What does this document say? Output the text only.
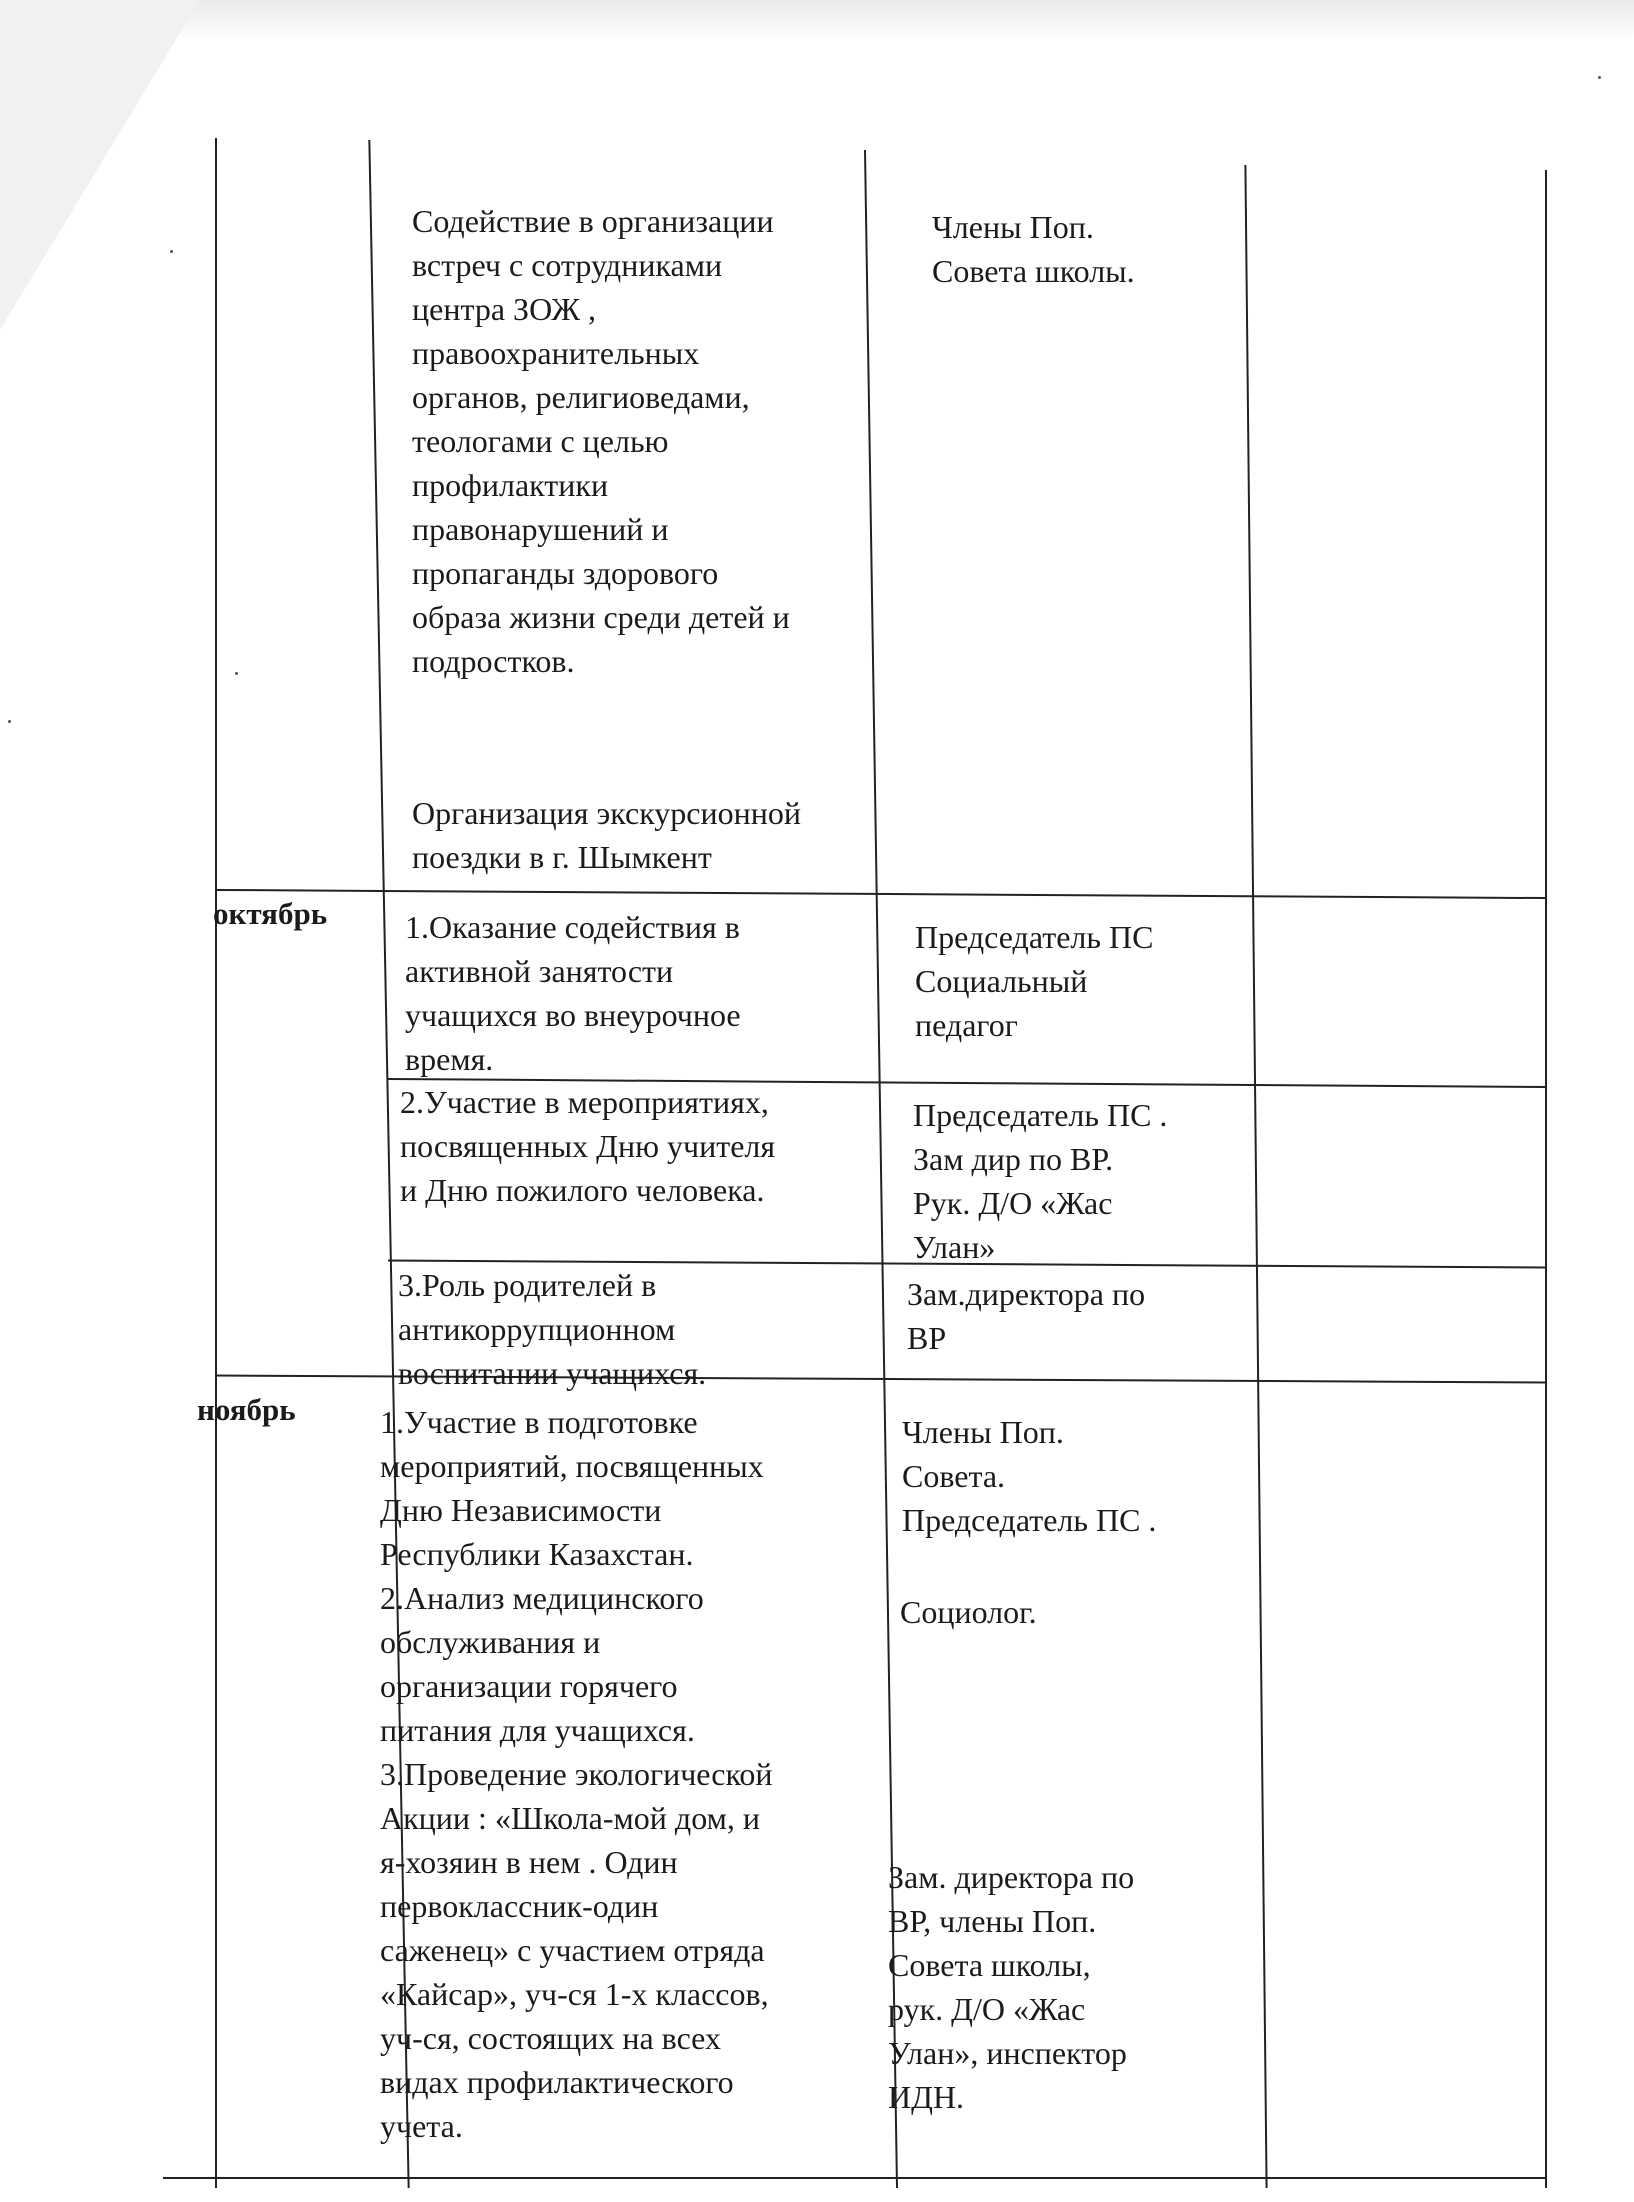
Содействие в организации
встреч с сотрудниками
центра ЗОЖ ,
правоохранительных
органов, религиоведами,
теологами с целью
профилактики
правонарушений и
пропаганды здорового
образа жизни среди детей и
подростков.

Организация экскурсионной
поездки в г. Шымкент

Члены Поп.
Совета школы.
октябрь	1.Оказание содействия в
активной занятости
учащихся во внеурочное
время.
Председатель ПС
Социальный
педагог
2.Участие в мероприятиях,
посвященных Дню учителя
и Дню пожилого человека.
Председатель ПС .
Зам дир по ВР.
Рук. Д/О «Жас
Улан»
3.Роль родителей в
антикоррупционном
воспитании учащихся.
Зам.директора по
ВР
ноябрь	1.Участие в подготовке
мероприятий, посвященных
Дню Независимости
Республики Казахстан.
2.Анализ медицинского
обслуживания и
организации горячего
питания для учащихся.
3.Проведение экологической
Акции : «Школа-мой дом, и
я-хозяин в нем . Один
первоклассник-один
саженец» с участием отряда
«Кайсар», уч-ся 1-х классов,
уч-ся, состоящих на всех
видах профилактического
учета.
Члены Поп.
Совета.
Председатель ПС .
Социолог.
Зам. директора по
ВР, члены Поп.
Совета школы,
рук. Д/О «Жас
Улан», инспектор
ИДН.
